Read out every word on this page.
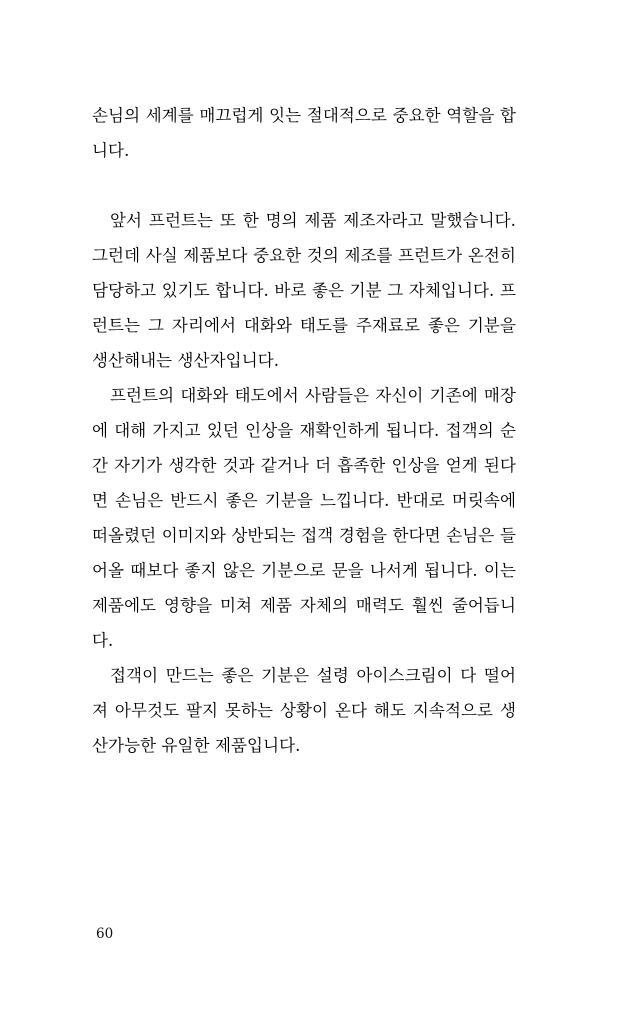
손님의 세계를 매끄럽게 잇는 절대적으로 중요한 역할을 합니다.

앞서 프런트는 또 한 명의 제품 제조자라고 말했습니다. 그런데 사실 제품보다 중요한 것의 제조를 프런트가 온전히 담당하고 있기도 합니다. 바로 좋은 기분 그 자체입니다. 프런트는 그 자리에서 대화와 태도를 주재료로 좋은 기분을 생산해내는 생산자입니다.

프런트의 대화와 태도에서 사람들은 자신이 기존에 매장에 대해 가지고 있던 인상을 재확인하게 됩니다. 접객의 순간 자기가 생각한 것과 같거나 더 흡족한 인상을 얻게 된다면 손님은 반드시 좋은 기분을 느낍니다. 반대로 머릿속에 떠올렸던 이미지와 상반되는 접객 경험을 한다면 손님은 들어올 때보다 좋지 않은 기분으로 문을 나서게 됩니다. 이는 제품에도 영향을 미쳐 제품 자체의 매력도 훨씬 줄어듭니다.

접객이 만드는 좋은 기분은 설령 아이스크림이 다 떨어져 아무것도 팔지 못하는 상황이 온다 해도 지속적으로 생산가능한 유일한 제품입니다.

60
